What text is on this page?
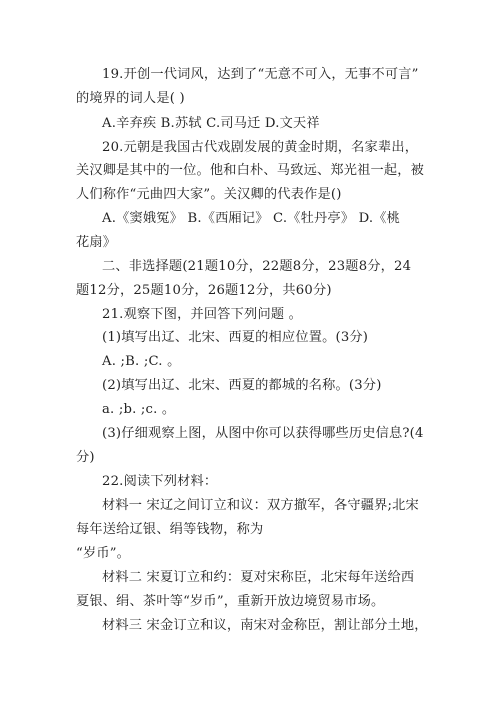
19.开创一代词风，达到了“无意不可入，无事不可言”
的境界的词人是( )
A.辛弃疾 B.苏轼 C.司马迁 D.文天祥
20.元朝是我国古代戏剧发展的黄金时期，名家辈出，
关汉卿是其中的一位。他和白朴、马致远、郑光祖一起，被
人们称作“元曲四大家”。关汉卿的代表作是()
A.《窦娥冤》 B.《西厢记》 C.《牡丹亭》 D.《桃
花扇》
二、非选择题(21题10分，22题8分，23题8分，24
题12分，25题10分，26题12分，共60分)
21.观察下图，并回答下列问题 。
(1)填写出辽、北宋、西夏的相应位置。(3分)
A. ;B. ;C. 。
(2)填写出辽、北宋、西夏的都城的名称。(3分)
a. ;b. ;c. 。
(3)仔细观察上图，从图中你可以获得哪些历史信息?(4
分)
22.阅读下列材料：
材料一 宋辽之间订立和议：双方撤军，各守疆界;北宋
每年送给辽银、绢等钱物，称为
“岁币”。
材料二 宋夏订立和约：夏对宋称臣，北宋每年送给西
夏银、绢、茶叶等“岁币”，重新开放边境贸易市场。
材料三 宋金订立和议，南宋对金称臣，割让部分土地，
